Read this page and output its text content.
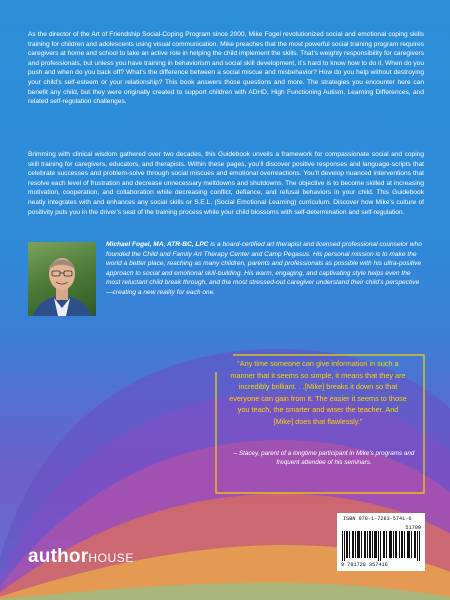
As the director of the Art of Friendship Social-Coping Program since 2000, Mike Fogel revolutionized social and emotional coping skills training for children and adolescents using visual communication. Mike preaches that the most powerful social training program requires caregivers at home and school to take an active role in helping the child implement the skills. That’s weighty responsibility for caregivers and professionals, but unless you have training in behaviorism and social skill development, it’s hard to know how to do it. When do you push and when do you back off? What’s the difference between a social miscue and misbehavior? How do you help without destroying your child’s self-esteem or your relationship? This book answers those questions and more. The strategies you encounter here can benefit any child, but they were originally created to support children with ADHD, High Functioning Autism, Learning Differences, and related self-regulation challenges.

Brimming with clinical wisdom gathered over two decades, this Guidebook unveils a framework for compassionate social and coping skill training for caregivers, educators, and therapists. Within these pages, you’ll discover positive responses and language-scripts that celebrate successes and problem-solve through social miscues and emotional overreactions. You’ll develop nuanced interventions that resolve each level of frustration and decrease unnecessary meltdowns and shutdowns. The objective is to become skilled at increasing motivation, cooperation, and collaboration while decreasing conflict, defiance, and refusal behaviors in your child. This Guidebook neatly integrates with and enhances any social skills or S.E.L. (Social Emotional Learning) curriculum. Discover how Mike’s culture of positivity puts you in the driver’s seat of the training process while your child blossoms with self-determination and self-regulation.

Michael Fogel, MA, ATR-BC, LPC is a board-certified art therapist and licensed professional counselor who founded the Child and Family Art Therapy Center and Camp Pegasus. His personal mission is to make the world a better place, reaching as many children, parents and professionals as possible with his ultra-positive approach to social and emotional skill-building. His warm, engaging, and captivating style helps even the most reluctant child break through, and the most stressed-out caregiver understand their child’s perspective—creating a new reality for each one.

“Any time someone can give information in such a manner that it seems so simple, it means that they are incredibly brilliant. . .[Mike] breaks it down so that everyone can gain from it. The easier it seems to those you teach, the smarter and wiser the teacher. And [Mike] does that flawlessly.”

– Stacey, parent of a longtime participant in Mike’s programs and frequent attendee of his seminars.

ISBN 978-1-7283-5741-6
51799
9 781728 357416
authorHOUSE
